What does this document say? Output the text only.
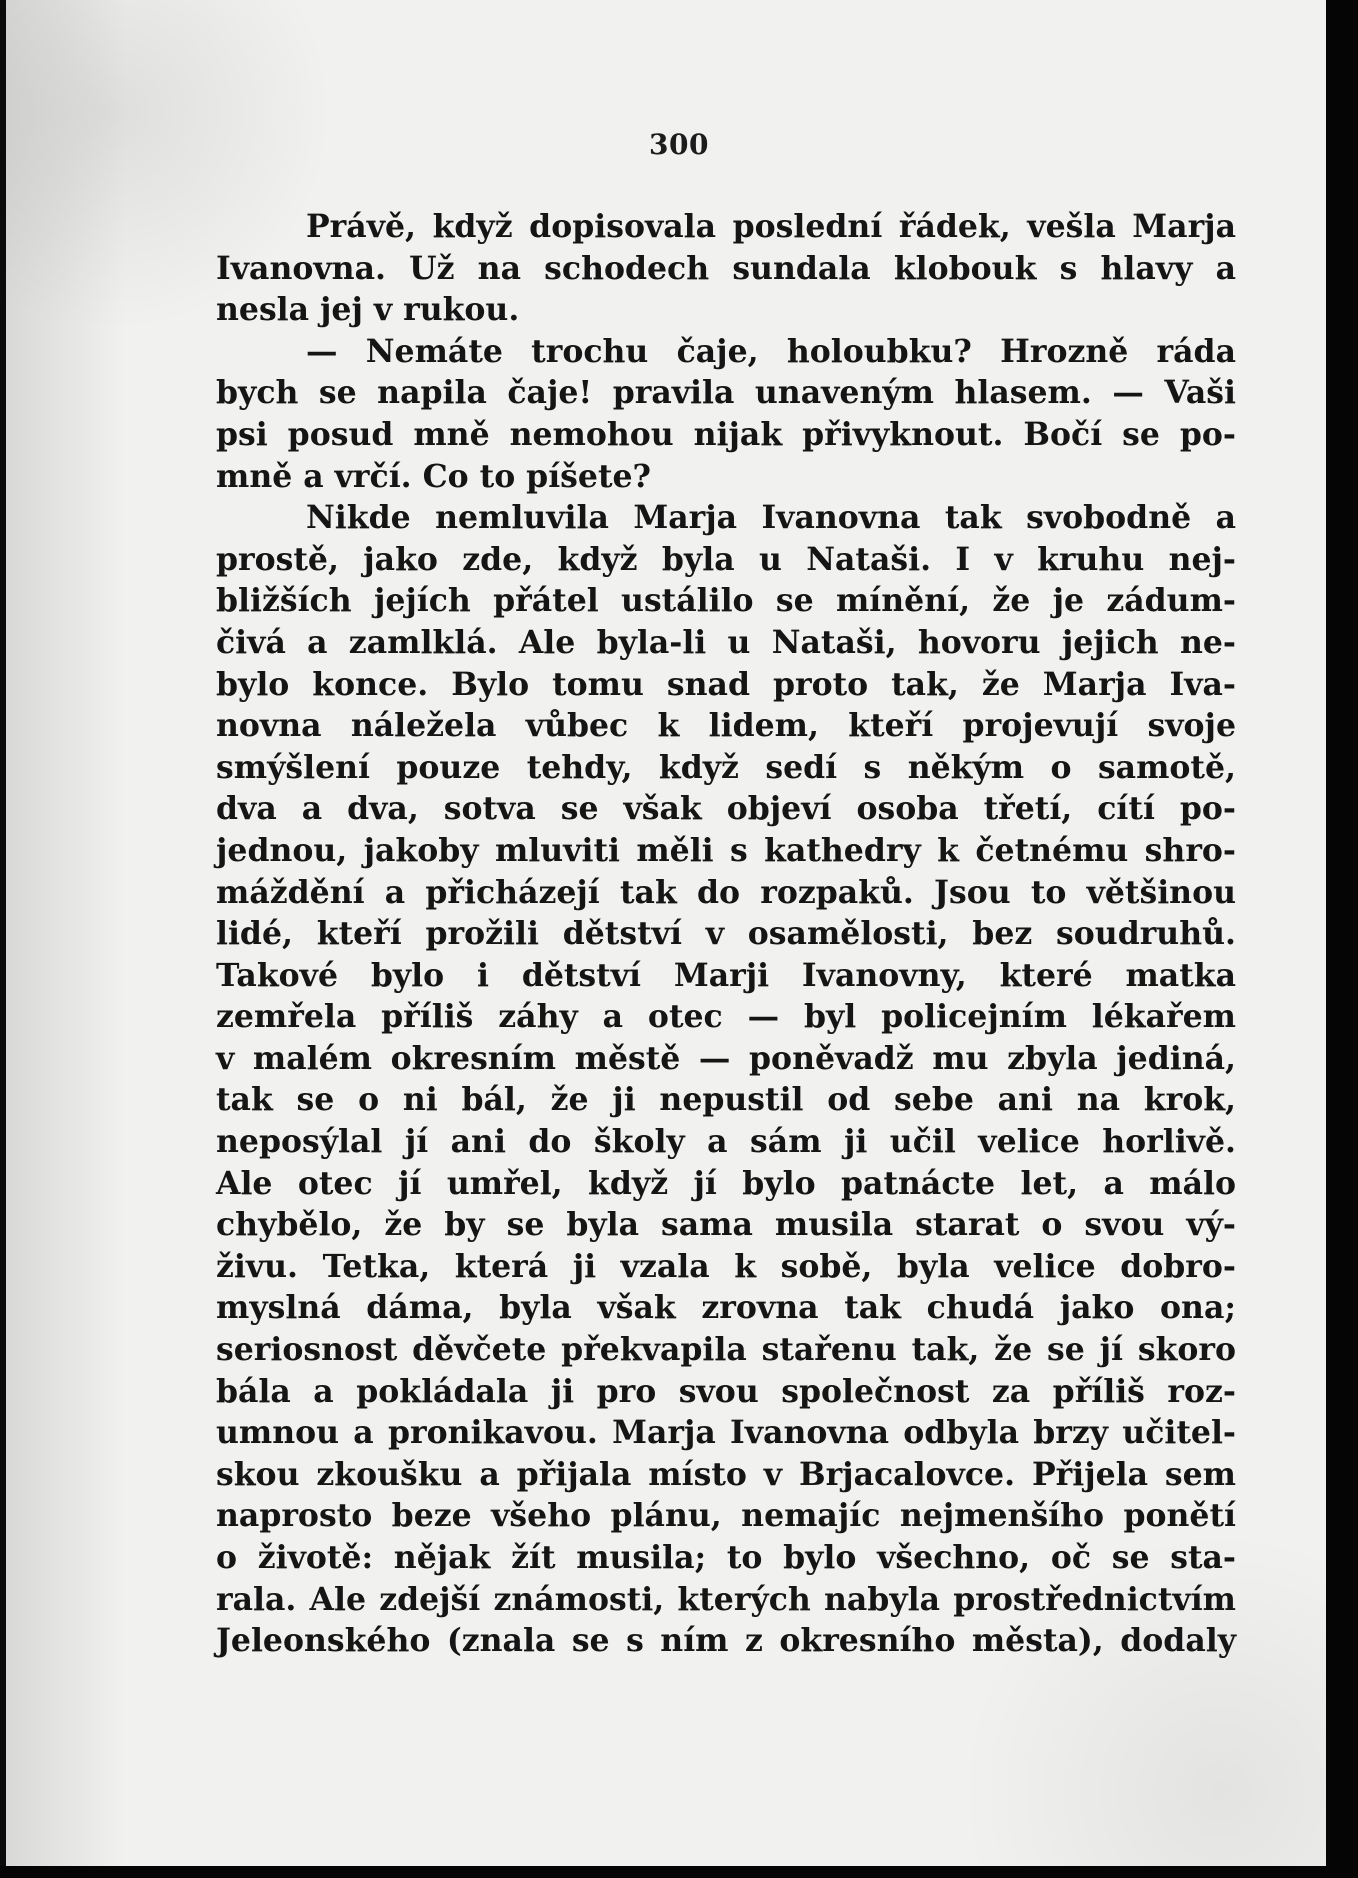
300
Právě, když dopisovala poslední řádek, vešla Marja
Ivanovna. Už na schodech sundala klobouk s hlavy a
nesla jej v rukou.
— Nemáte trochu čaje, holoubku? Hrozně ráda
bych se napila čaje! pravila unaveným hlasem. — Vaši
psi posud mně nemohou nijak přivyknout. Bočí se po-
mně a vrčí. Co to píšete?
Nikde nemluvila Marja Ivanovna tak svobodně a
prostě, jako zde, když byla u Nataši. I v kruhu nej-
bližších jejích přátel ustálilo se mínění, že je zádum-
čivá a zamlklá. Ale byla-li u Nataši, hovoru jejich ne-
bylo konce. Bylo tomu snad proto tak, že Marja Iva-
novna náležela vůbec k lidem, kteří projevují svoje
smýšlení pouze tehdy, když sedí s někým o samotě,
dva a dva, sotva se však objeví osoba třetí, cítí po-
jednou, jakoby mluviti měli s kathedry k četnému shro-
máždění a přicházejí tak do rozpaků. Jsou to většinou
lidé, kteří prožili dětství v osamělosti, bez soudruhů.
Takové bylo i dětství Marji Ivanovny, které matka
zemřela příliš záhy a otec — byl policejním lékařem
v malém okresním městě — poněvadž mu zbyla jediná,
tak se o ni bál, že ji nepustil od sebe ani na krok,
neposýlal jí ani do školy a sám ji učil velice horlivě.
Ale otec jí umřel, když jí bylo patnácte let, a málo
chybělo, že by se byla sama musila starat o svou vý-
živu. Tetka, která ji vzala k sobě, byla velice dobro-
myslná dáma, byla však zrovna tak chudá jako ona;
seriosnost děvčete překvapila stařenu tak, že se jí skoro
bála a pokládala ji pro svou společnost za příliš roz-
umnou a pronikavou. Marja Ivanovna odbyla brzy učitel-
skou zkoušku a přijala místo v Brjacalovce. Přijela sem
naprosto beze všeho plánu, nemajíc nejmenšího ponětí
o životě: nějak žít musila; to bylo všechno, oč se sta-
rala. Ale zdejší známosti, kterých nabyla prostřednictvím
Jeleonského (znala se s ním z okresního města), dodaly
